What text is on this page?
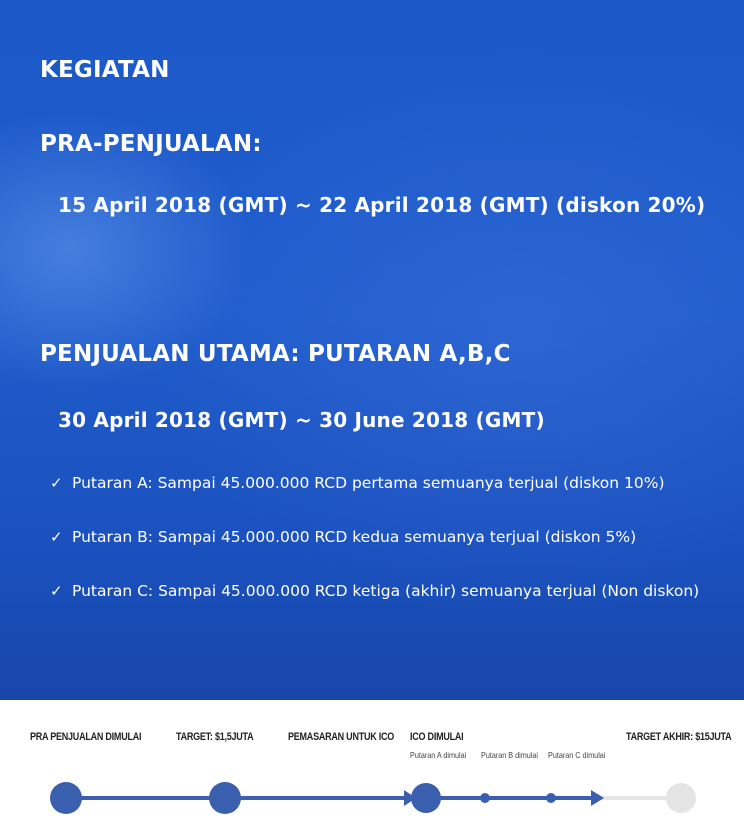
KEGIATAN
PRA-PENJUALAN:
15 April 2018 (GMT) ~ 22 April 2018 (GMT) (diskon 20%)
PENJUALAN UTAMA: PUTARAN A,B,C
30 April 2018 (GMT) ~ 30 June 2018 (GMT)
✓ Putaran A: Sampai 45.000.000 RCD pertama semuanya terjual (diskon 10%)
✓ Putaran B: Sampai 45.000.000 RCD kedua semuanya terjual (diskon 5%)
✓ Putaran C: Sampai 45.000.000 RCD ketiga (akhir) semuanya terjual (Non diskon)
PRA PENJUALAN DIMULAI	TARGET: $1,5JUTA	PEMASARAN UNTUK ICO ICO DIMULAI	TARGET AKHIR: $15JUTA
Putaran A dimulai Putaran B dimulai Putaran C dimulai
